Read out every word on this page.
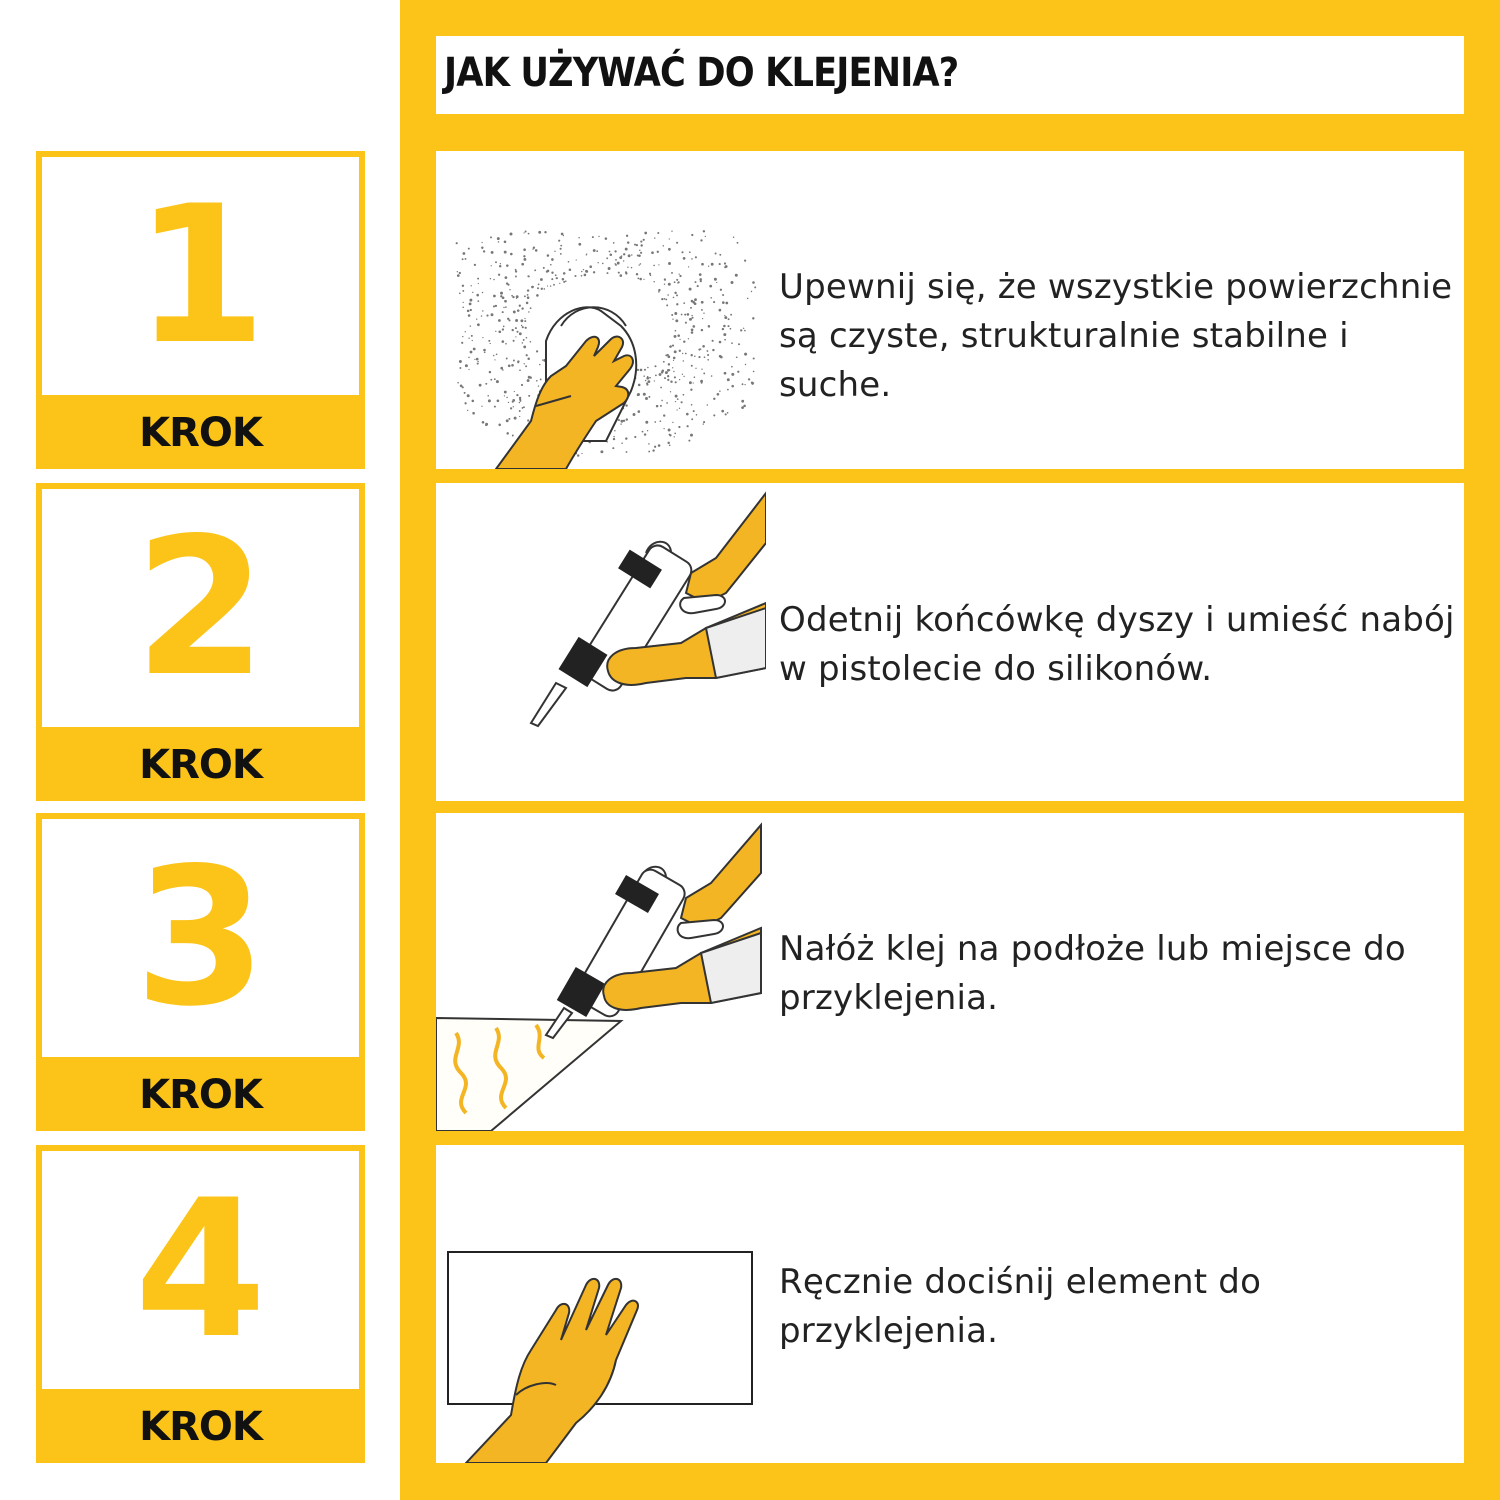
JAK UŻYWAĆ DO KLEJENIA?
1
KROK
2
KROK
3
KROK
4
KROK
Upewnij się, że wszystkie powierzchnie są czyste, strukturalnie stabilne i suche.
Odetnij końcówkę dyszy i umieść nabój w pistolecie do silikonów.
Nałóż klej na podłoże lub miejsce do przyklejenia.
Ręcznie dociśnij element do przyklejenia.
